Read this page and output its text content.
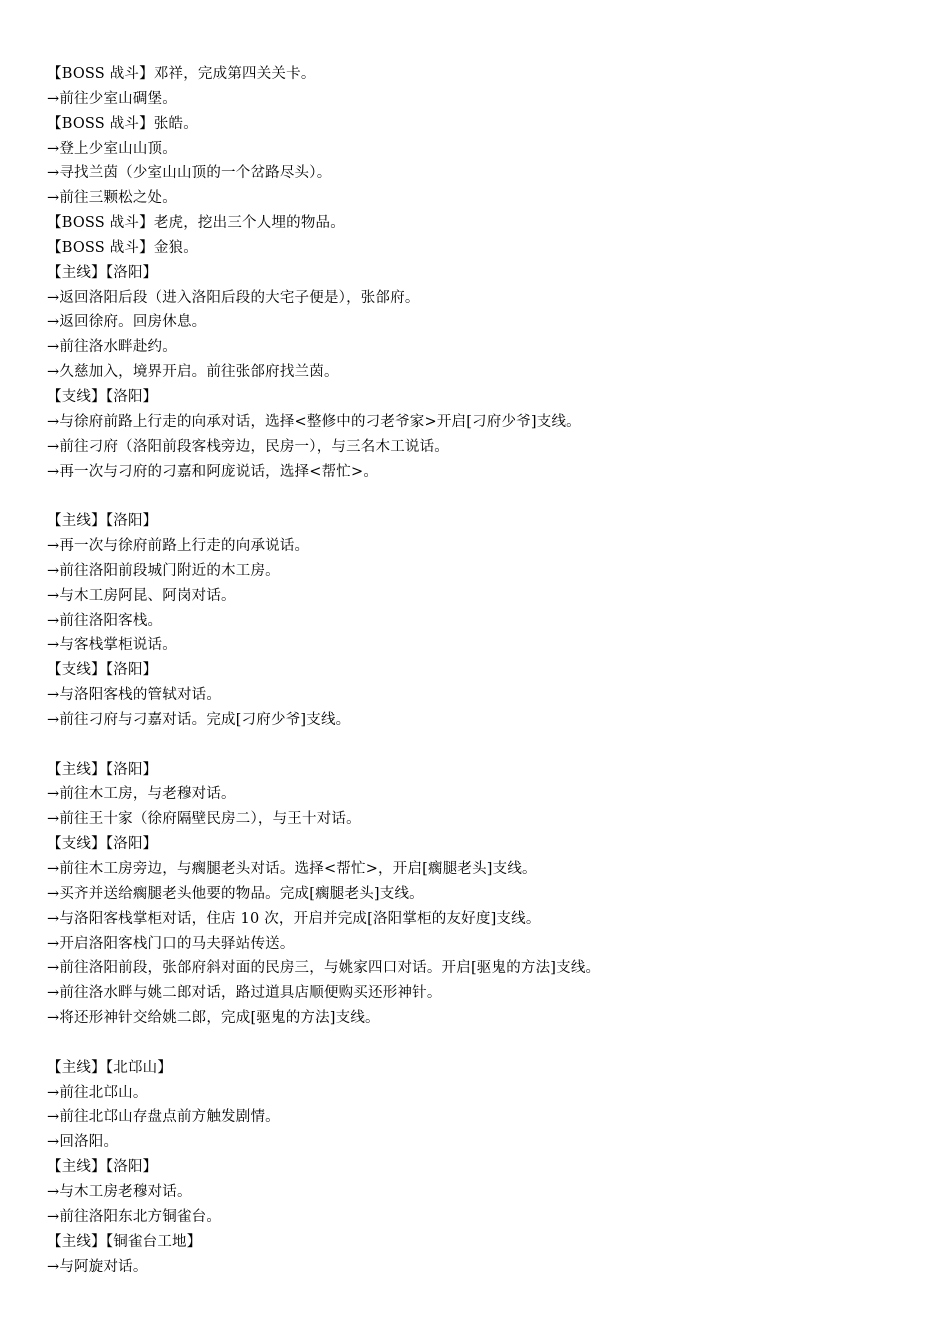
【BOSS 战斗】邓祥，完成第四关关卡。
→前往少室山碉堡。
【BOSS 战斗】张皓。
→登上少室山山顶。
→寻找兰茵（少室山山顶的一个岔路尽头）。
→前往三颗松之处。
【BOSS 战斗】老虎，挖出三个人埋的物品。
【BOSS 战斗】金狼。
【主线】【洛阳】
→返回洛阳后段（进入洛阳后段的大宅子便是），张郃府。
→返回徐府。回房休息。
→前往洛水畔赴约。
→久慈加入，境界开启。前往张郃府找兰茵。
【支线】【洛阳】
→与徐府前路上行走的向承对话，选择<整修中的刁老爷家>开启[刁府少爷]支线。
→前往刁府（洛阳前段客栈旁边，民房一），与三名木工说话。
→再一次与刁府的刁嘉和阿庞说话，选择<帮忙>。
【主线】【洛阳】
→再一次与徐府前路上行走的向承说话。
→前往洛阳前段城门附近的木工房。
→与木工房阿昆、阿岗对话。
→前往洛阳客栈。
→与客栈掌柜说话。
【支线】【洛阳】
→与洛阳客栈的管轼对话。
→前往刁府与刁嘉对话。完成[刁府少爷]支线。
【主线】【洛阳】
→前往木工房，与老穆对话。
→前往王十家（徐府隔壁民房二），与王十对话。
【支线】【洛阳】
→前往木工房旁边，与瘸腿老头对话。选择<帮忙>，开启[瘸腿老头]支线。
→买齐并送给瘸腿老头他要的物品。完成[瘸腿老头]支线。
→与洛阳客栈掌柜对话，住店 10 次，开启并完成[洛阳掌柜的友好度]支线。
→开启洛阳客栈门口的马夫驿站传送。
→前往洛阳前段，张郃府斜对面的民房三，与姚家四口对话。开启[驱鬼的方法]支线。
→前往洛水畔与姚二郎对话，路过道具店顺便购买还形神针。
→将还形神针交给姚二郎，完成[驱鬼的方法]支线。
【主线】【北邙山】
→前往北邙山。
→前往北邙山存盘点前方触发剧情。
→回洛阳。
【主线】【洛阳】
→与木工房老穆对话。
→前往洛阳东北方铜雀台。
【主线】【铜雀台工地】
→与阿旋对话。
